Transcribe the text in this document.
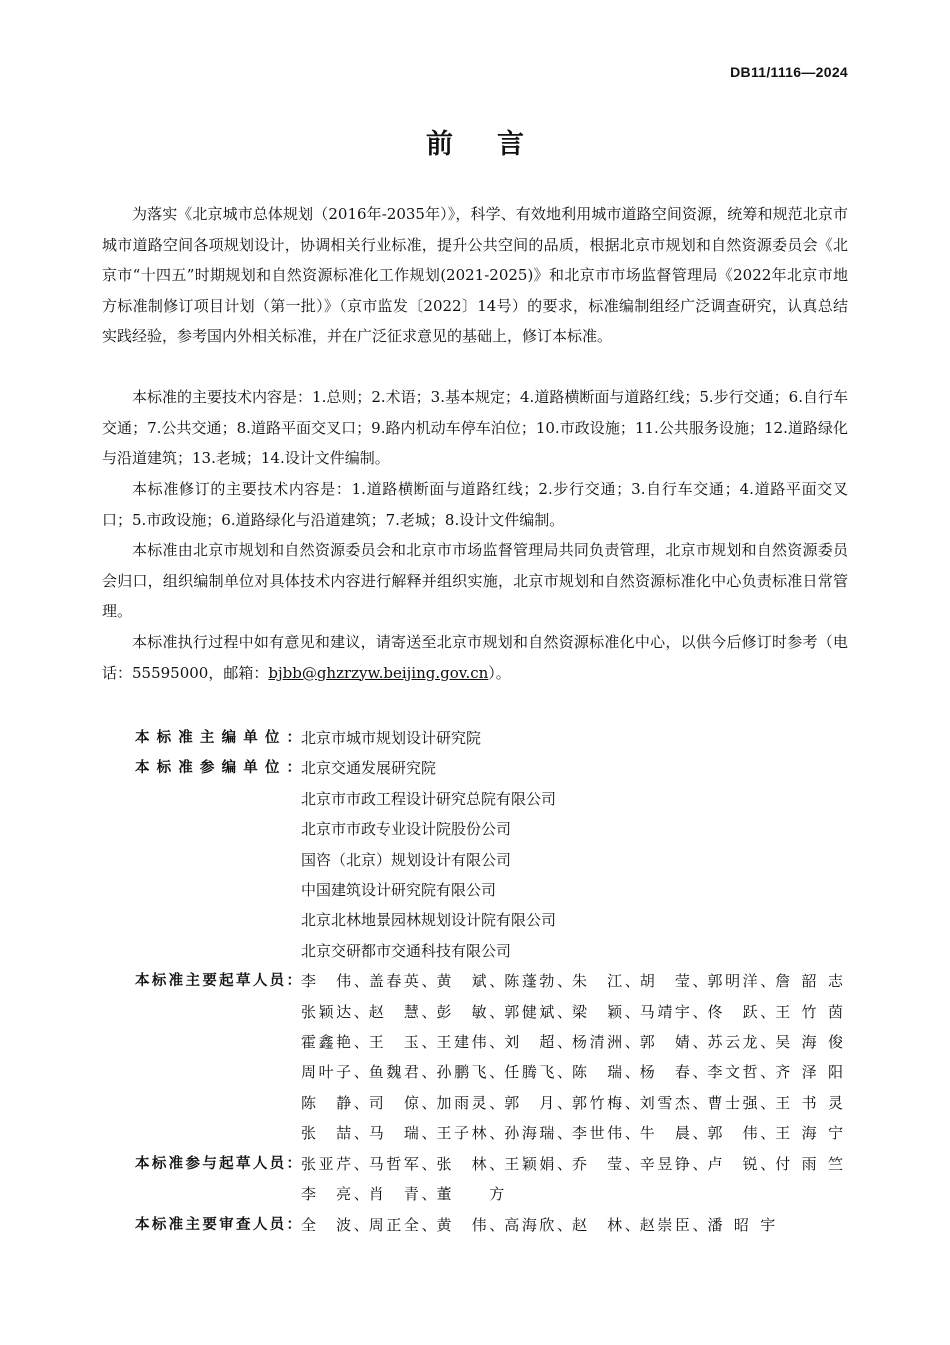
DB11/1116—2024
前言

为落实《北京城市总体规划（2016年-2035年）》，科学、有效地利用城市道路空间资源，统筹和规范北京市城市道路空间各项规划设计，协调相关行业标准，提升公共空间的品质，根据北京市规划和自然资源委员会《北京市“十四五”时期规划和自然资源标准化工作规划(2021-2025)》和北京市市场监督管理局《2022年北京市地方标准制修订项目计划（第一批）》（京市监发〔2022〕14号）的要求，标准编制组经广泛调查研究，认真总结实践经验，参考国内外相关标准，并在广泛征求意见的基础上，修订本标准。

本标准的主要技术内容是：1.总则；2.术语；3.基本规定；4.道路横断面与道路红线；5.步行交通；6.自行车交通；7.公共交通；8.道路平面交叉口；9.路内机动车停车泊位；10.市政设施；11.公共服务设施；12.道路绿化与沿道建筑；13.老城；14.设计文件编制。

本标准修订的主要技术内容是：1.道路横断面与道路红线；2.步行交通；3.自行车交通；4.道路平面交叉口；5.市政设施；6.道路绿化与沿道建筑；7.老城；8.设计文件编制。

本标准由北京市规划和自然资源委员会和北京市市场监督管理局共同负责管理，北京市规划和自然资源委员会归口，组织编制单位对具体技术内容进行解释并组织实施，北京市规划和自然资源标准化中心负责标准日常管理。

本标准执行过程中如有意见和建议，请寄送至北京市规划和自然资源标准化中心，以供今后修订时参考（电话：55595000，邮箱：bjbb@ghzrzyw.beijing.gov.cn）。

本标准主编单位： 北京市城市规划设计研究院
本标准参编单位： 北京交通发展研究院
北京市市政工程设计研究总院有限公司
北京市市政专业设计院股份公司
国咨（北京）规划设计有限公司
中国建筑设计研究院有限公司
北京北林地景园林规划设计院有限公司
北京交研都市交通科技有限公司
本标准主要起草人员： 李　伟、 盖春英、 黄　斌、 陈蓬勃、 朱　江、 胡　莹、 郭明洋、 詹韶志
张颖达、 赵　慧、 彭　敏、 郭健斌、 梁　颖、 马靖宇、 佟　跃、 王竹茵
霍鑫艳、 王　玉、 王建伟、 刘　超、 杨清洲、 郭　婧、 苏云龙、 吴海俊
周叶子、 鱼魏君、 孙鹏飞、 任腾飞、 陈　瑞、 杨　春、 李文哲、 齐泽阳
陈　静、 司　倞、 加雨灵、 郭　月、 郭竹梅、 刘雪杰、 曹士强、 王书灵
张　喆、 马　瑞、 王子林、 孙海瑞、 李世伟、 牛　晨、 郭　伟、 王海宁
本标准参与起草人员： 张亚芹、 马哲军、 张　林、 王颖娟、 乔　莹、 辛昱铮、 卢　锐、 付雨竺
李　亮、 肖　青、 董　方
本标准主要审查人员： 全　波、 周正全、 黄　伟、 高海欣、 赵　林、 赵崇臣、 潘昭宇
